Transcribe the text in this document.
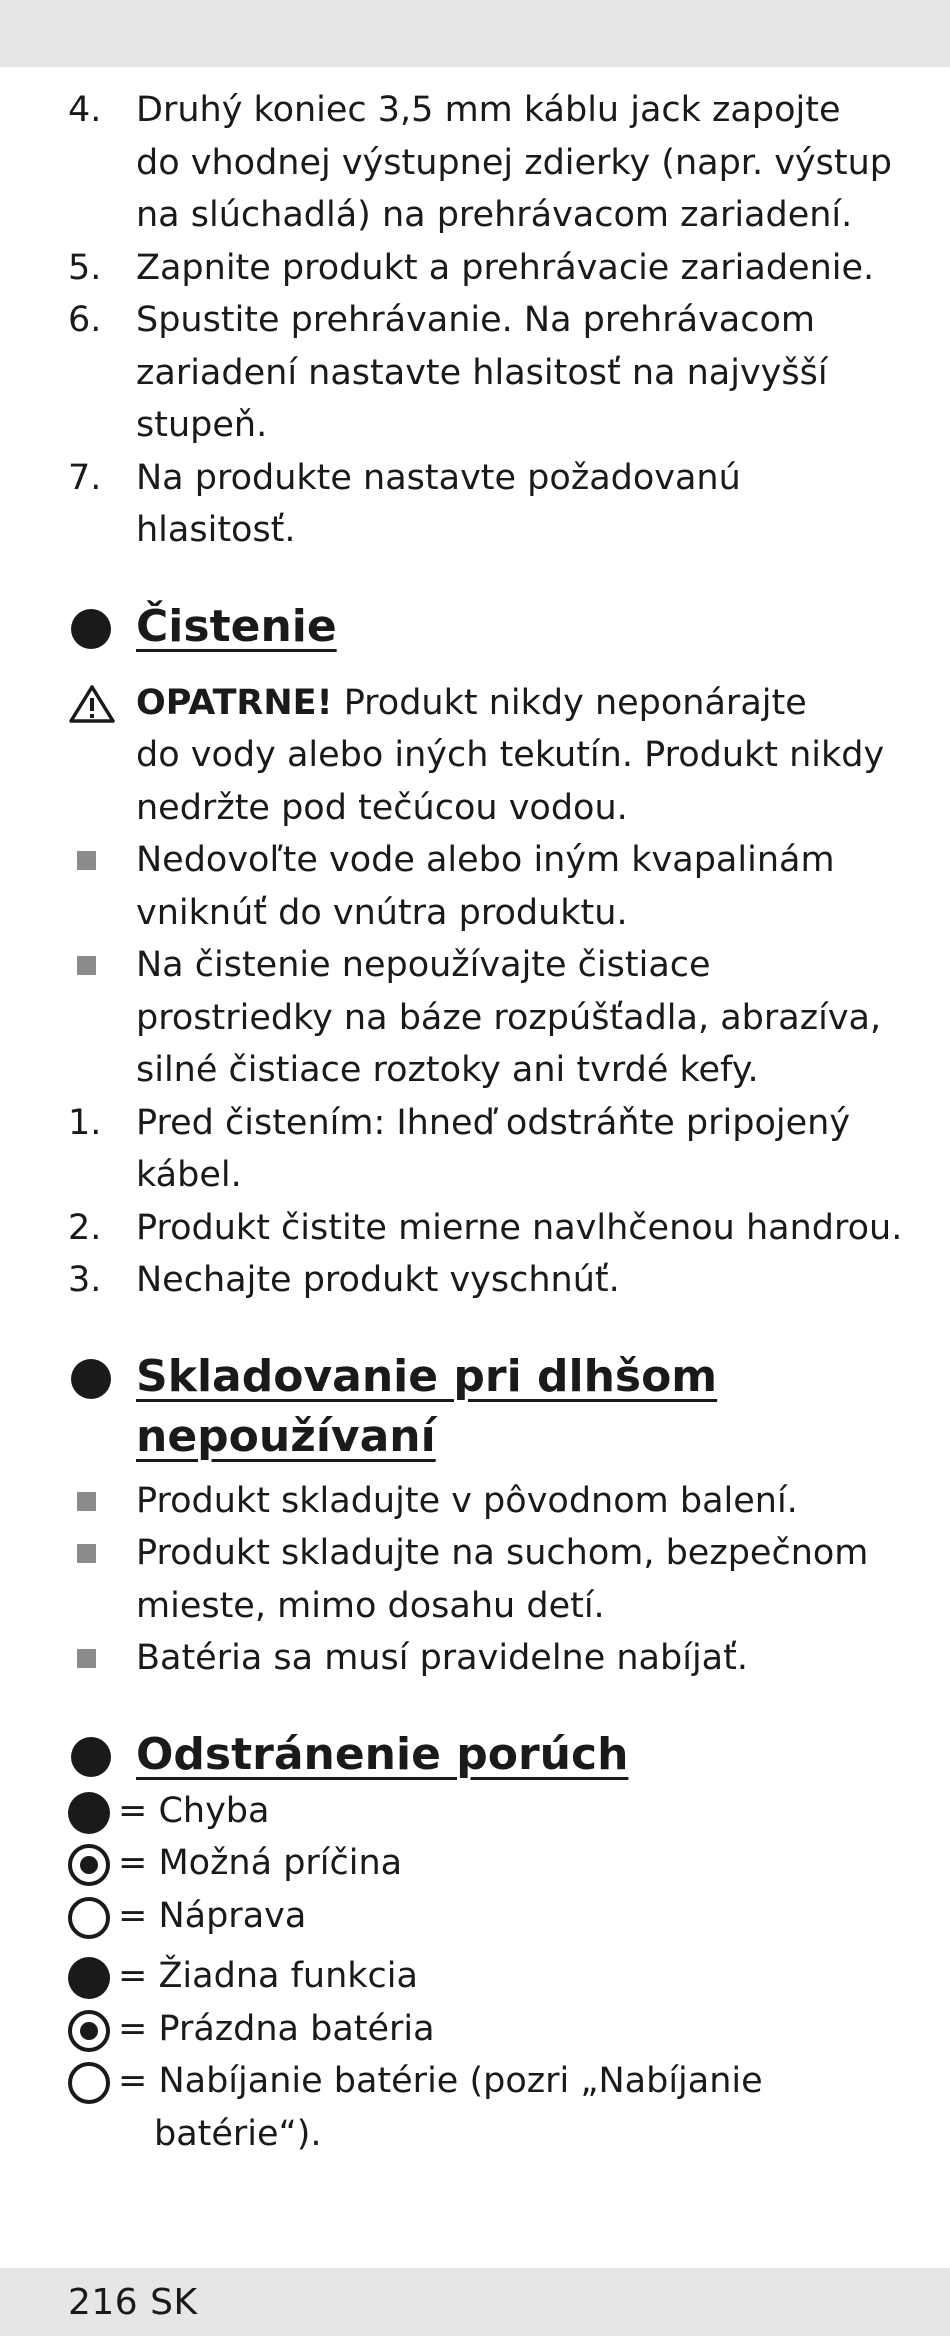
4. Druhý koniec 3,5 mm káblu jack zapojte
do vhodnej výstupnej zdierky (napr. výstup
na slúchadlá) na prehrávacom zariadení.
5. Zapnite produkt a prehrávacie zariadenie.
6. Spustite prehrávanie. Na prehrávacom
zariadení nastavte hlasitosť na najvyšší
stupeň.
7. Na produkte nastavte požadovanú
hlasitosť.
Čistenie
OPATRNE! Produkt nikdy neponárajte
do vody alebo iných tekutín. Produkt nikdy
nedržte pod tečúcou vodou.
Nedovoľte vode alebo iným kvapalinám
vniknúť do vnútra produktu.
Na čistenie nepoužívajte čistiace
prostriedky na báze rozpúšťadla, abrazíva,
silné čistiace roztoky ani tvrdé kefy.
1. Pred čistením: Ihneď odstráňte pripojený
kábel.
2. Produkt čistite mierne navlhčenou handrou.
3. Nechajte produkt vyschnúť.
Skladovanie pri dlhšom
nepoužívaní
Produkt skladujte v pôvodnom balení.
Produkt skladujte na suchom, bezpečnom
mieste, mimo dosahu detí.
Batéria sa musí pravidelne nabíjať.
Odstránenie porúch
= Chyba
= Možná príčina
= Náprava
= Žiadna funkcia
= Prázdna batéria
= Nabíjanie batérie (pozri „Nabíjanie
batérie“).
216 SK
